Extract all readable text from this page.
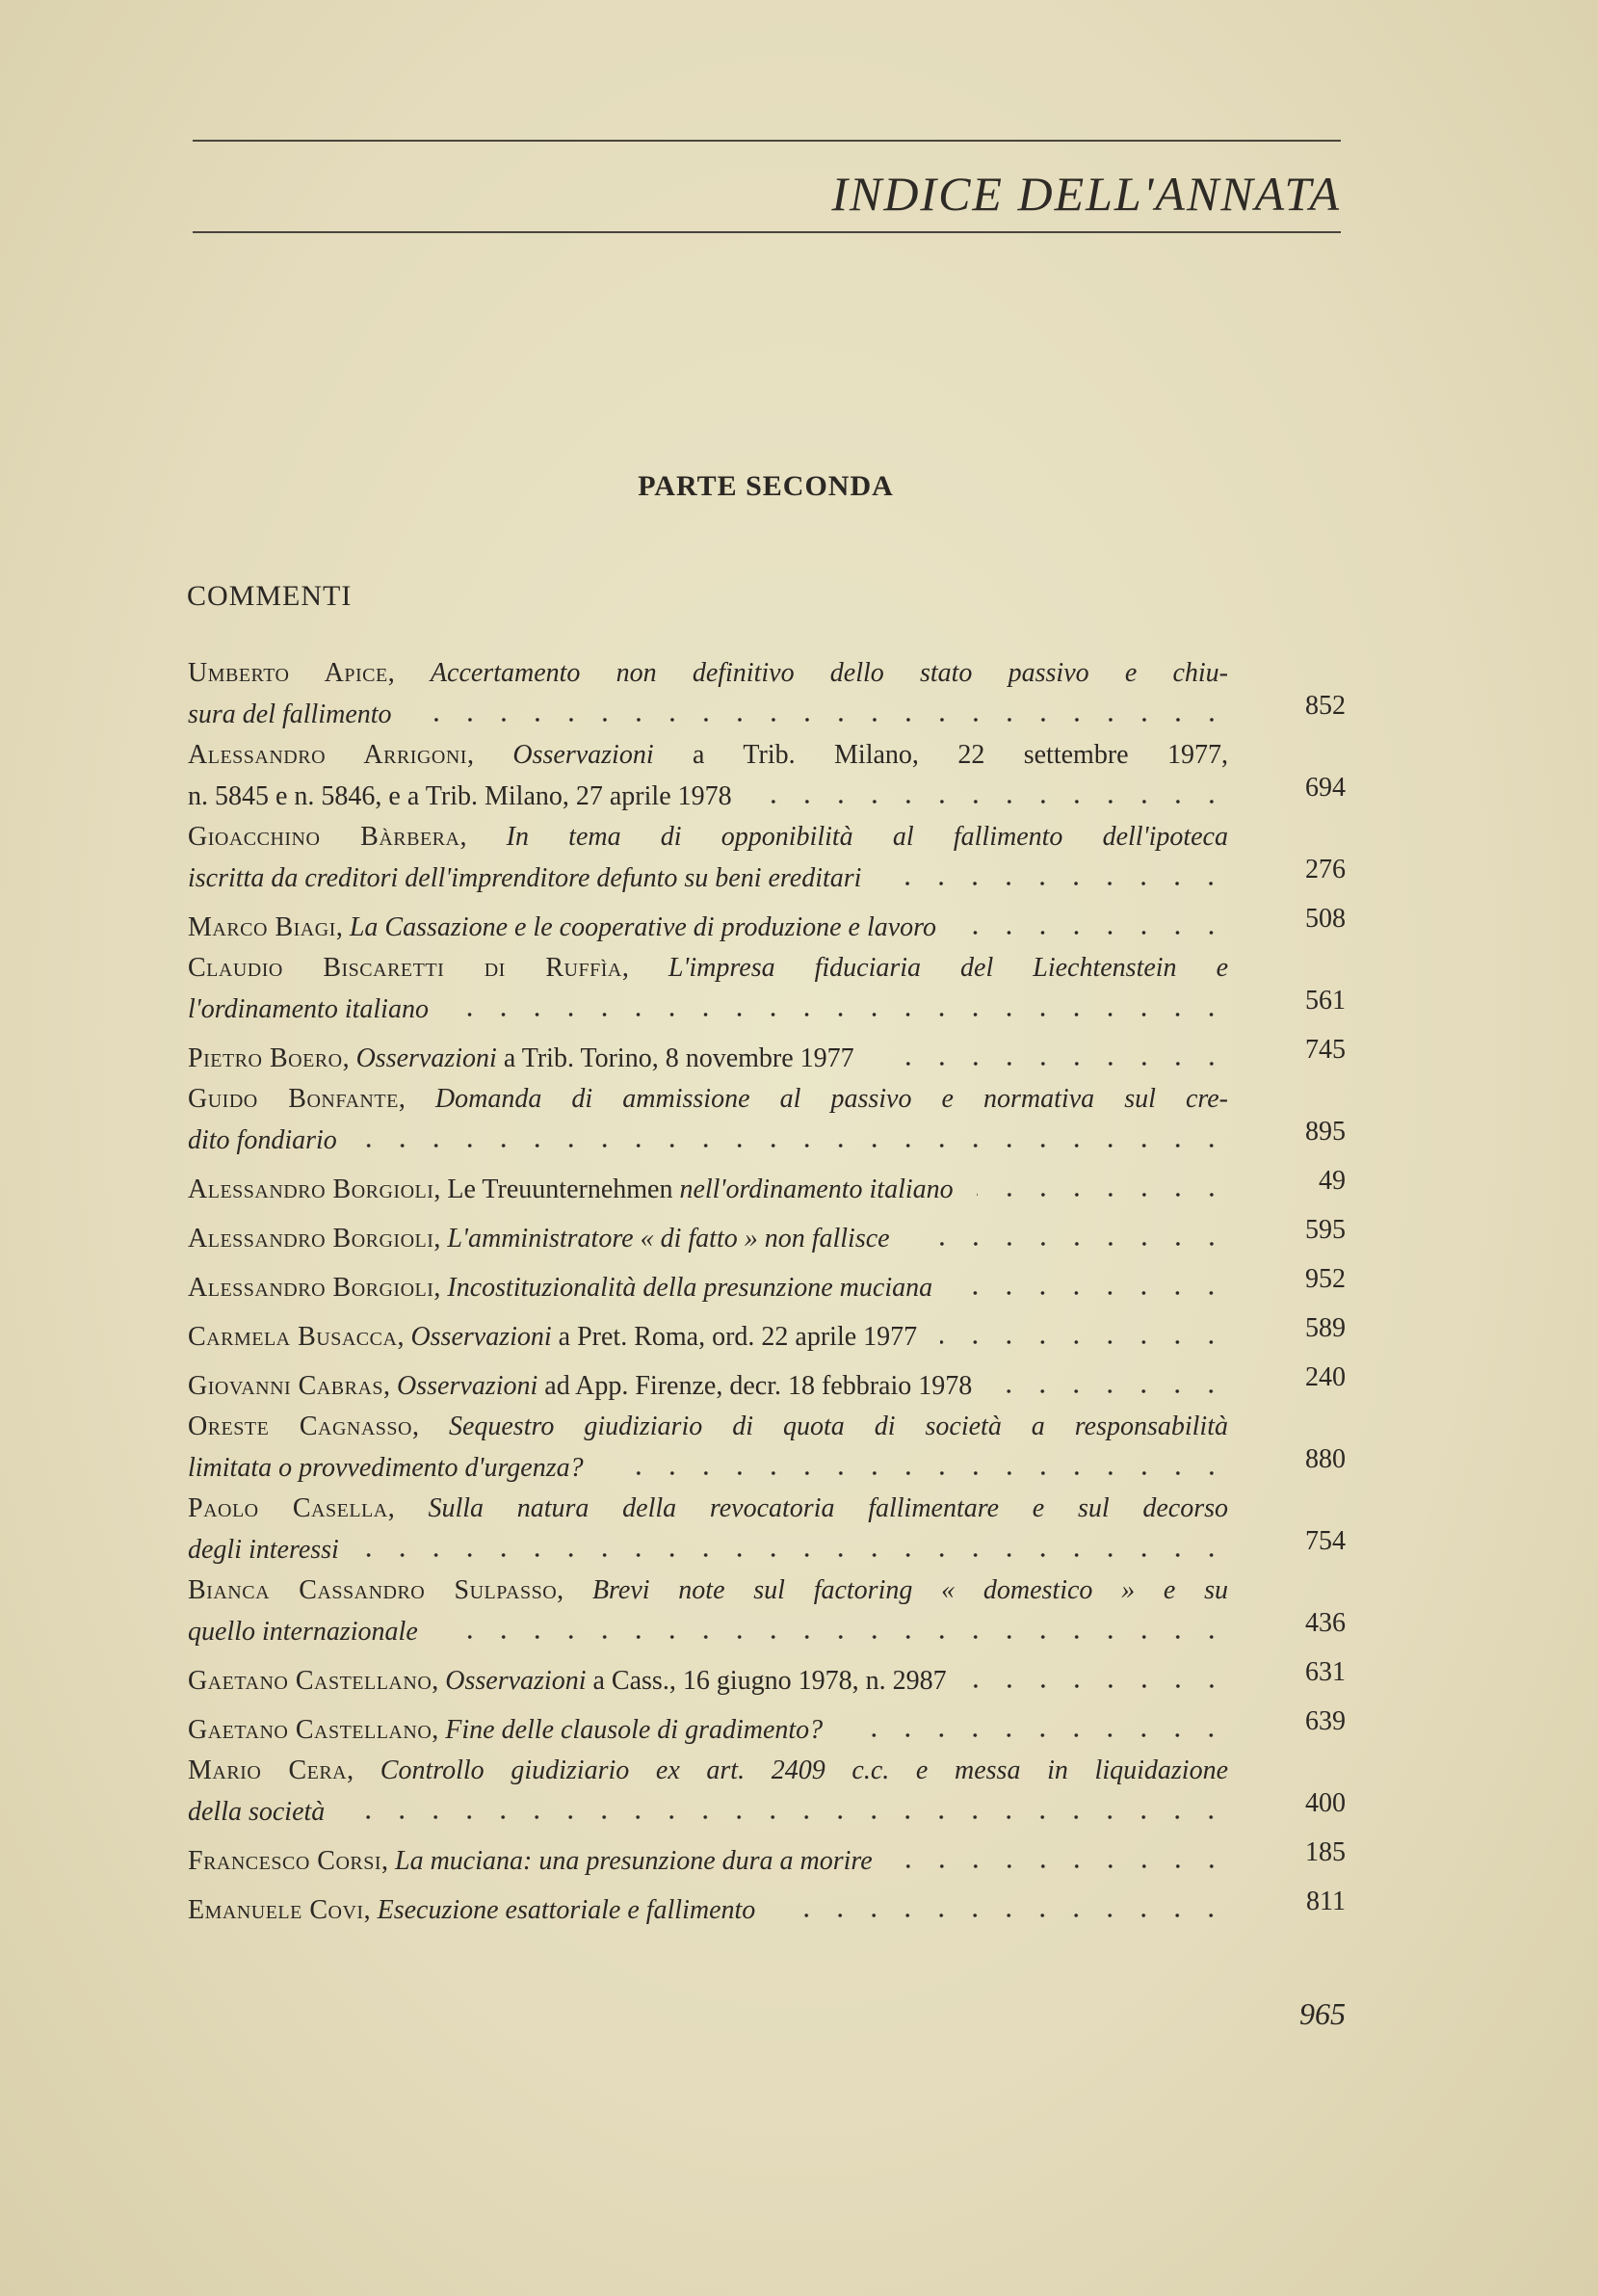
INDICE DELL'ANNATA
PARTE SECONDA
COMMENTI
Umberto Apice, Accertamento non definitivo dello stato passivo e chiu-
sura del fallimento	852
Alessandro Arrigoni, Osservazioni a Trib. Milano, 22 settembre 1977,
n. 5845 e n. 5846, e a Trib. Milano, 27 aprile 1978	694
Gioacchino Bàrbera, In tema di opponibilità al fallimento dell'ipoteca
iscritta da creditori dell'imprenditore defunto su beni ereditari	276
Marco Biagi, La Cassazione e le cooperative di produzione e lavoro	508
Claudio Biscaretti di Ruffìa, L'impresa fiduciaria del Liechtenstein e
l'ordinamento italiano	561
Pietro Boero, Osservazioni a Trib. Torino, 8 novembre 1977	745
Guido Bonfante, Domanda di ammissione al passivo e normativa sul cre-
dito fondiario	895
Alessandro Borgioli, Le Treuunternehmen nell'ordinamento italiano	49
Alessandro Borgioli, L'amministratore « di fatto » non fallisce	595
Alessandro Borgioli, Incostituzionalità della presunzione muciana	952
Carmela Busacca, Osservazioni a Pret. Roma, ord. 22 aprile 1977	589
Giovanni Cabras, Osservazioni ad App. Firenze, decr. 18 febbraio 1978	240
Oreste Cagnasso, Sequestro giudiziario di quota di società a responsabilità
limitata o provvedimento d'urgenza?	880
Paolo Casella, Sulla natura della revocatoria fallimentare e sul decorso
degli interessi	754
Bianca Cassandro Sulpasso, Brevi note sul factoring « domestico » e su
quello internazionale	436
Gaetano Castellano, Osservazioni a Cass., 16 giugno 1978, n. 2987	631
Gaetano Castellano, Fine delle clausole di gradimento?	639
Mario Cera, Controllo giudiziario ex art. 2409 c.c. e messa in liquidazione
della società	400
Francesco Corsi, La muciana: una presunzione dura a morire	185
Emanuele Covi, Esecuzione esattoriale e fallimento	811
965
